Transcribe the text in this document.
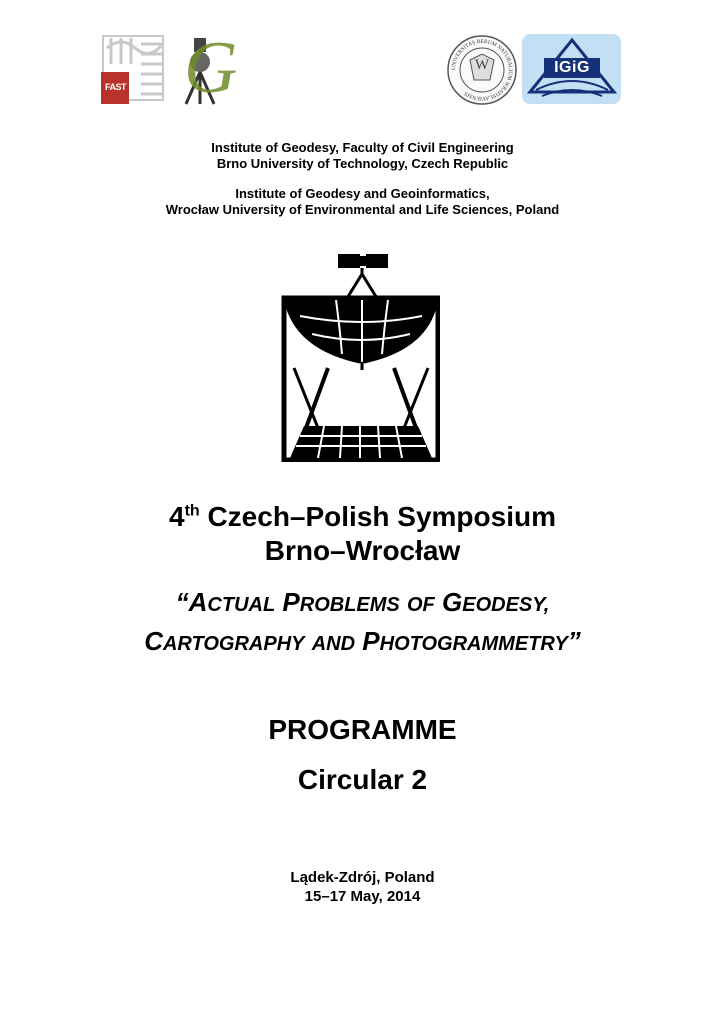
FAST G	UNIVERSITAS RERUM NATURALIUM WRATISLAVIENSIS
W	IGiG
Institute of Geodesy, Faculty of Civil Engineering
Brno University of Technology, Czech Republic
Institute of Geodesy and Geoinformatics,
Wrocław University of Environmental and Life Sciences, Poland
4th Czech–Polish Symposium
Brno–Wrocław
“ACTUAL PROBLEMS OF GEODESY,
CARTOGRAPHY AND PHOTOGRAMMETRY”
PROGRAMME
Circular 2
Lądek-Zdrój, Poland
15–17 May, 2014
